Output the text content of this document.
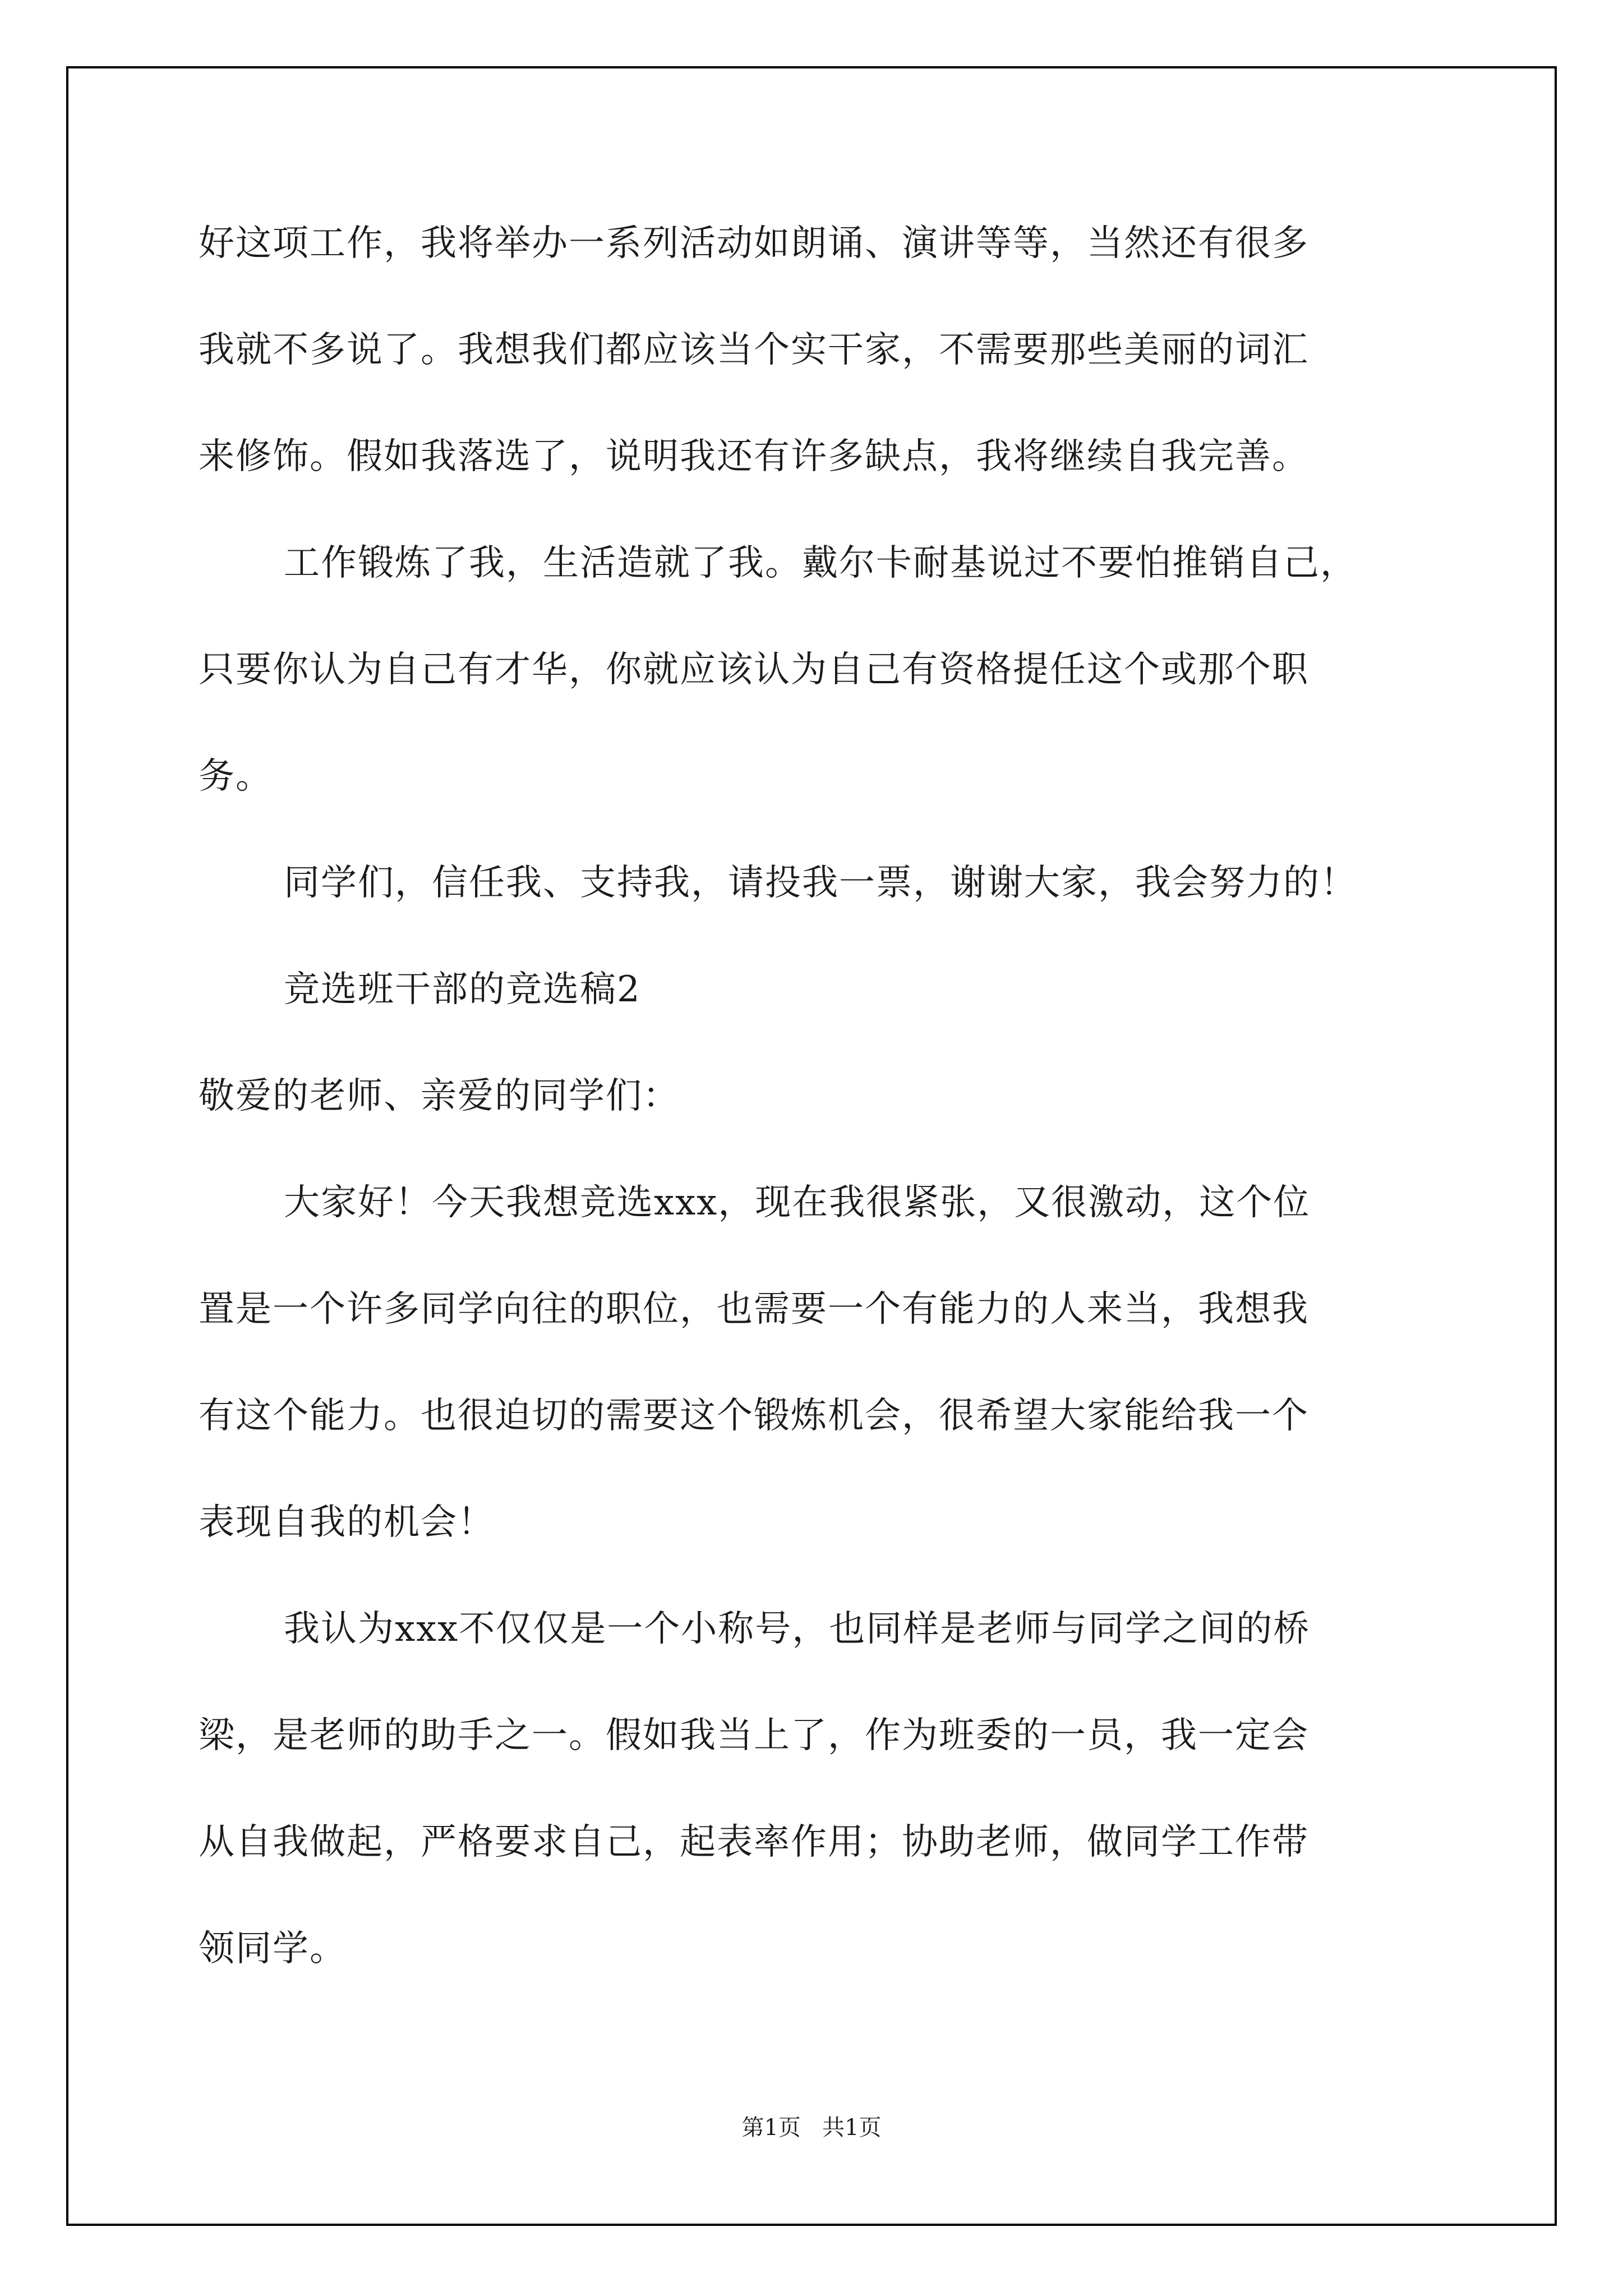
好这项工作，我将举办一系列活动如朗诵、演讲等等，当然还有很多
我就不多说了。我想我们都应该当个实干家，不需要那些美丽的词汇
来修饰。假如我落选了，说明我还有许多缺点，我将继续自我完善。
工作锻炼了我，生活造就了我。戴尔卡耐基说过不要怕推销自己，
只要你认为自己有才华，你就应该认为自己有资格提任这个或那个职
务。
同学们，信任我、支持我，请投我一票，谢谢大家，我会努力的！
竞选班干部的竞选稿2
敬爱的老师、亲爱的同学们：
大家好！今天我想竞选xxx，现在我很紧张，又很激动，这个位
置是一个许多同学向往的职位，也需要一个有能力的人来当，我想我
有这个能力。也很迫切的需要这个锻炼机会，很希望大家能给我一个
表现自我的机会！
我认为xxx不仅仅是一个小称号，也同样是老师与同学之间的桥
梁，是老师的助手之一。假如我当上了，作为班委的一员，我一定会
从自我做起，严格要求自己，起表率作用；协助老师，做同学工作带
领同学。
第1页   共1页
